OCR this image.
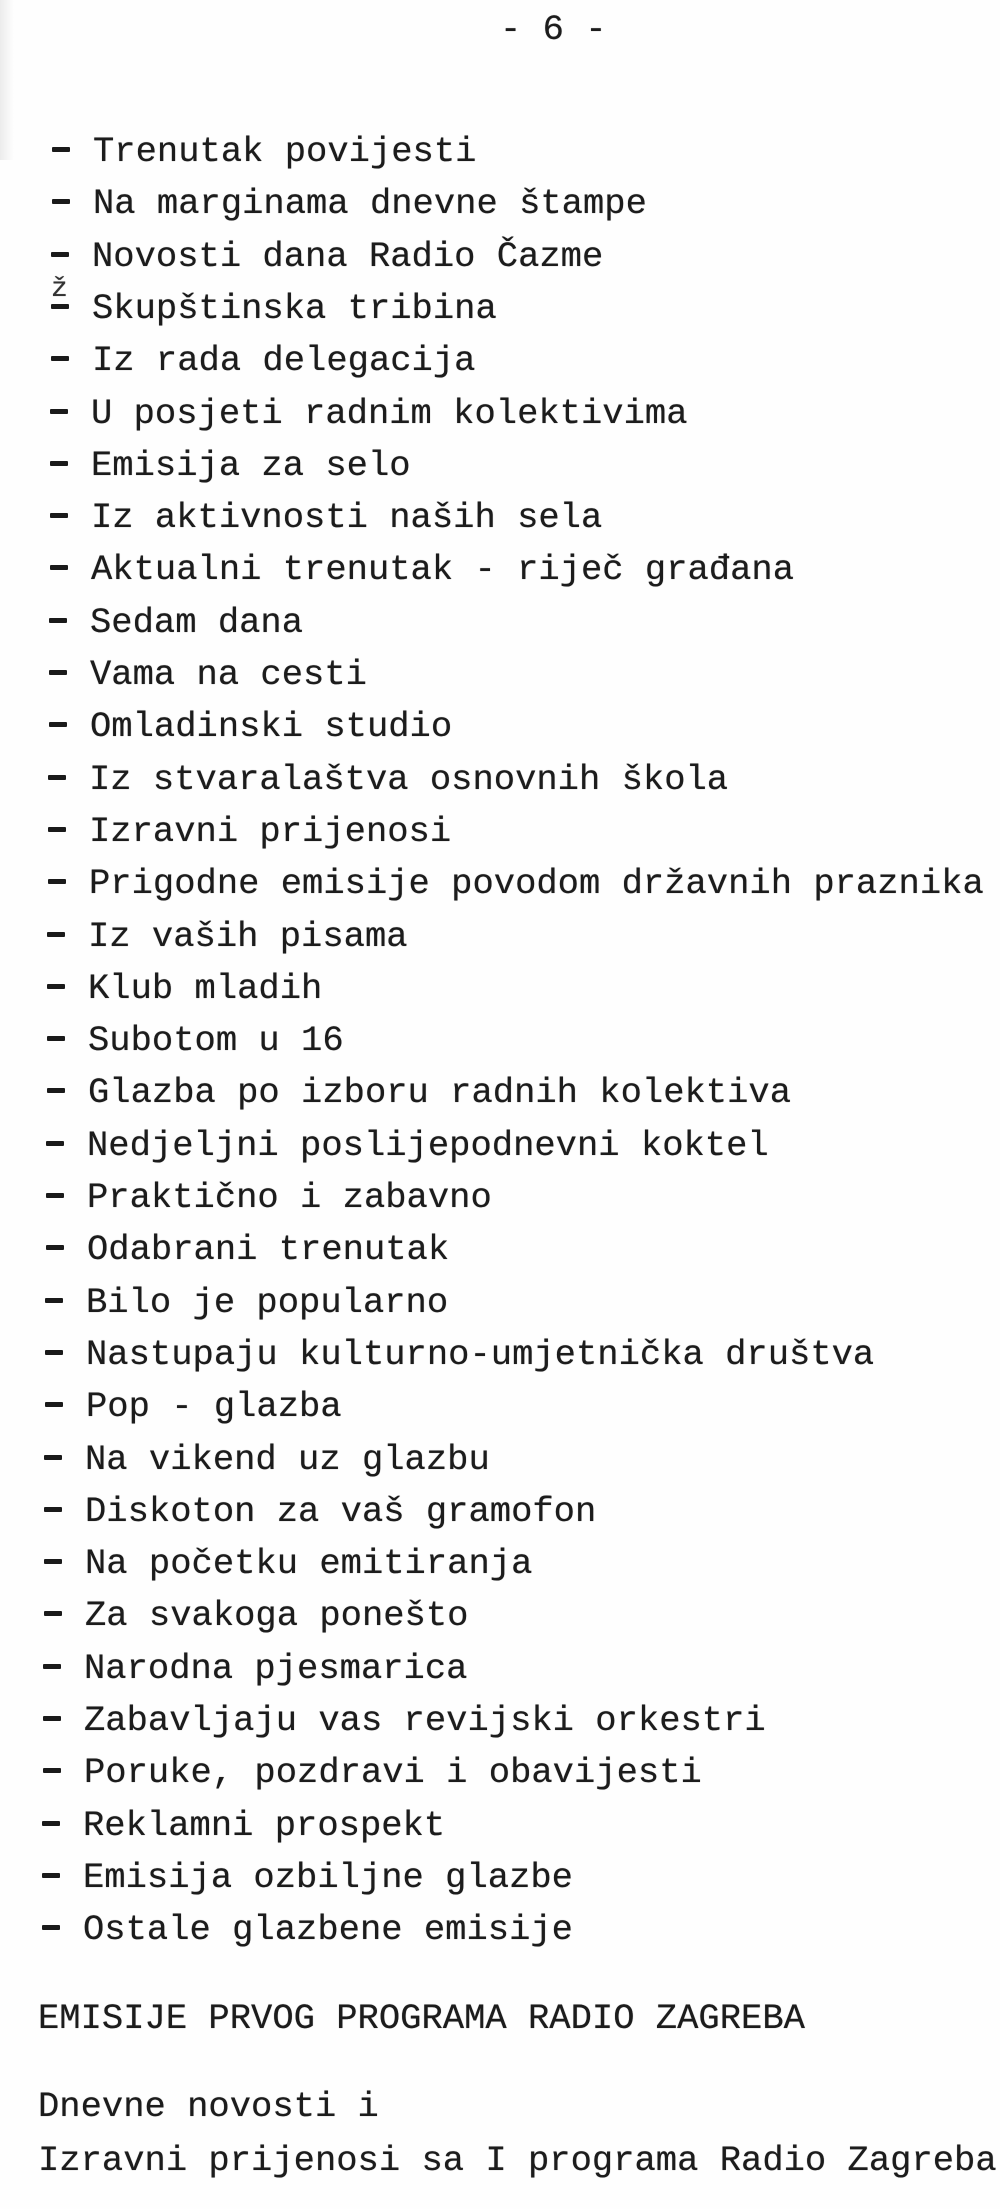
- 6 -
Trenutak povijesti
Na marginama dnevne štampe
Novosti dana Radio Čazme
ž
Skupštinska tribina
Iz rada delegacija
U posjeti radnim kolektivima
Emisija za selo
Iz aktivnosti naših sela
Aktualni trenutak - riječ građana
Sedam dana
Vama na cesti
Omladinski studio
Iz stvaralaštva osnovnih škola
Izravni prijenosi
Prigodne emisije povodom državnih praznika
Iz vaših pisama
Klub mladih
Subotom u 16
Glazba po izboru radnih kolektiva
Nedjeljni poslijepodnevni koktel
Praktično i zabavno
Odabrani trenutak
Bilo je popularno
Nastupaju kulturno-umjetnička društva
Pop - glazba
Na vikend uz glazbu
Diskoton za vaš gramofon
Na početku emitiranja
Za svakoga ponešto
Narodna pjesmarica
Zabavljaju vas revijski orkestri
Poruke, pozdravi i obavijesti
Reklamni prospekt
Emisija ozbiljne glazbe
Ostale glazbene emisije
EMISIJE PRVOG PROGRAMA RADIO ZAGREBA
Dnevne novosti i
Izravni prijenosi sa I programa Radio Zagreba
